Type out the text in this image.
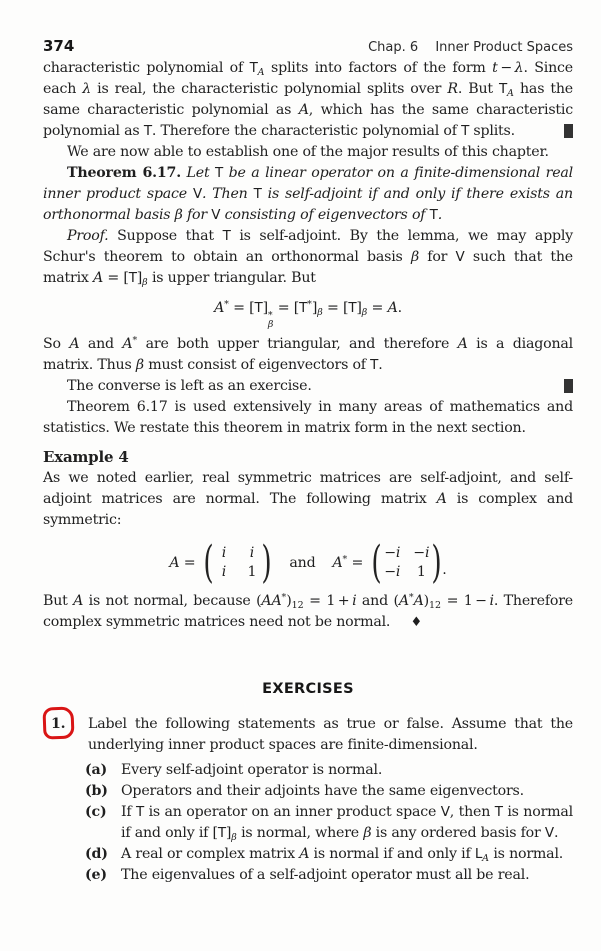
374	Chap. 6 Inner Product Spaces

characteristic polynomial of $T_A$ splits into factors of the form t − λ. Since each λ is real, the characteristic polynomial splits over R. But $T_A$ has the same characteristic polynomial as A, which has the same characteristic polynomial as T. Therefore the characteristic polynomial of T splits.

We are now able to establish one of the major results of this chapter.

Theorem 6.17. Let T be a linear operator on a finite-dimensional real inner product space V. Then T is self-adjoint if and only if there exists an orthonormal basis β for V consisting of eigenvectors of T.

Proof. Suppose that T is self-adjoint. By the lemma, we may apply Schur's theorem to obtain an orthonormal basis β for V such that the matrix $A = [T]_\beta$ is upper triangular. But

A* = [T] *
β
= $[T^*]_\beta = [T]_\beta = A$.

So A and A* are both upper triangular, and therefore A is a diagonal matrix. Thus β must consist of eigenvectors of T.

The converse is left as an exercise.

Theorem 6.17 is used extensively in many areas of mathematics and statistics. We restate this theorem in matrix form in the next section.

Example 4

As we noted earlier, real symmetric matrices are self-adjoint, and self-adjoint matrices are normal. The following matrix A is complex and symmetric:

A = ( i	i
i	1 ) and A* = ( −i −i
−i 1 ) .

But A is not normal, because $(AA^*)_{12} = 1 + i$ and $(A^*A)_{12} = 1 - i$. Therefore complex symmetric matrices need not be normal. ♦

EXERCISES
1.	Label the following statements as true or false. Assume that the underlying inner product spaces are finite-dimensional.
(a) Every self-adjoint operator is normal.
(b) Operators and their adjoints have the same eigenvectors.
(c)	If T is an operator on an inner product space V, then T is normal if and only if $[T]_\beta$ is normal, where β is any ordered basis for V.
(d) A real or complex matrix A is normal if and only if $L_A$ is normal.
(e) The eigenvalues of a self-adjoint operator must all be real.
